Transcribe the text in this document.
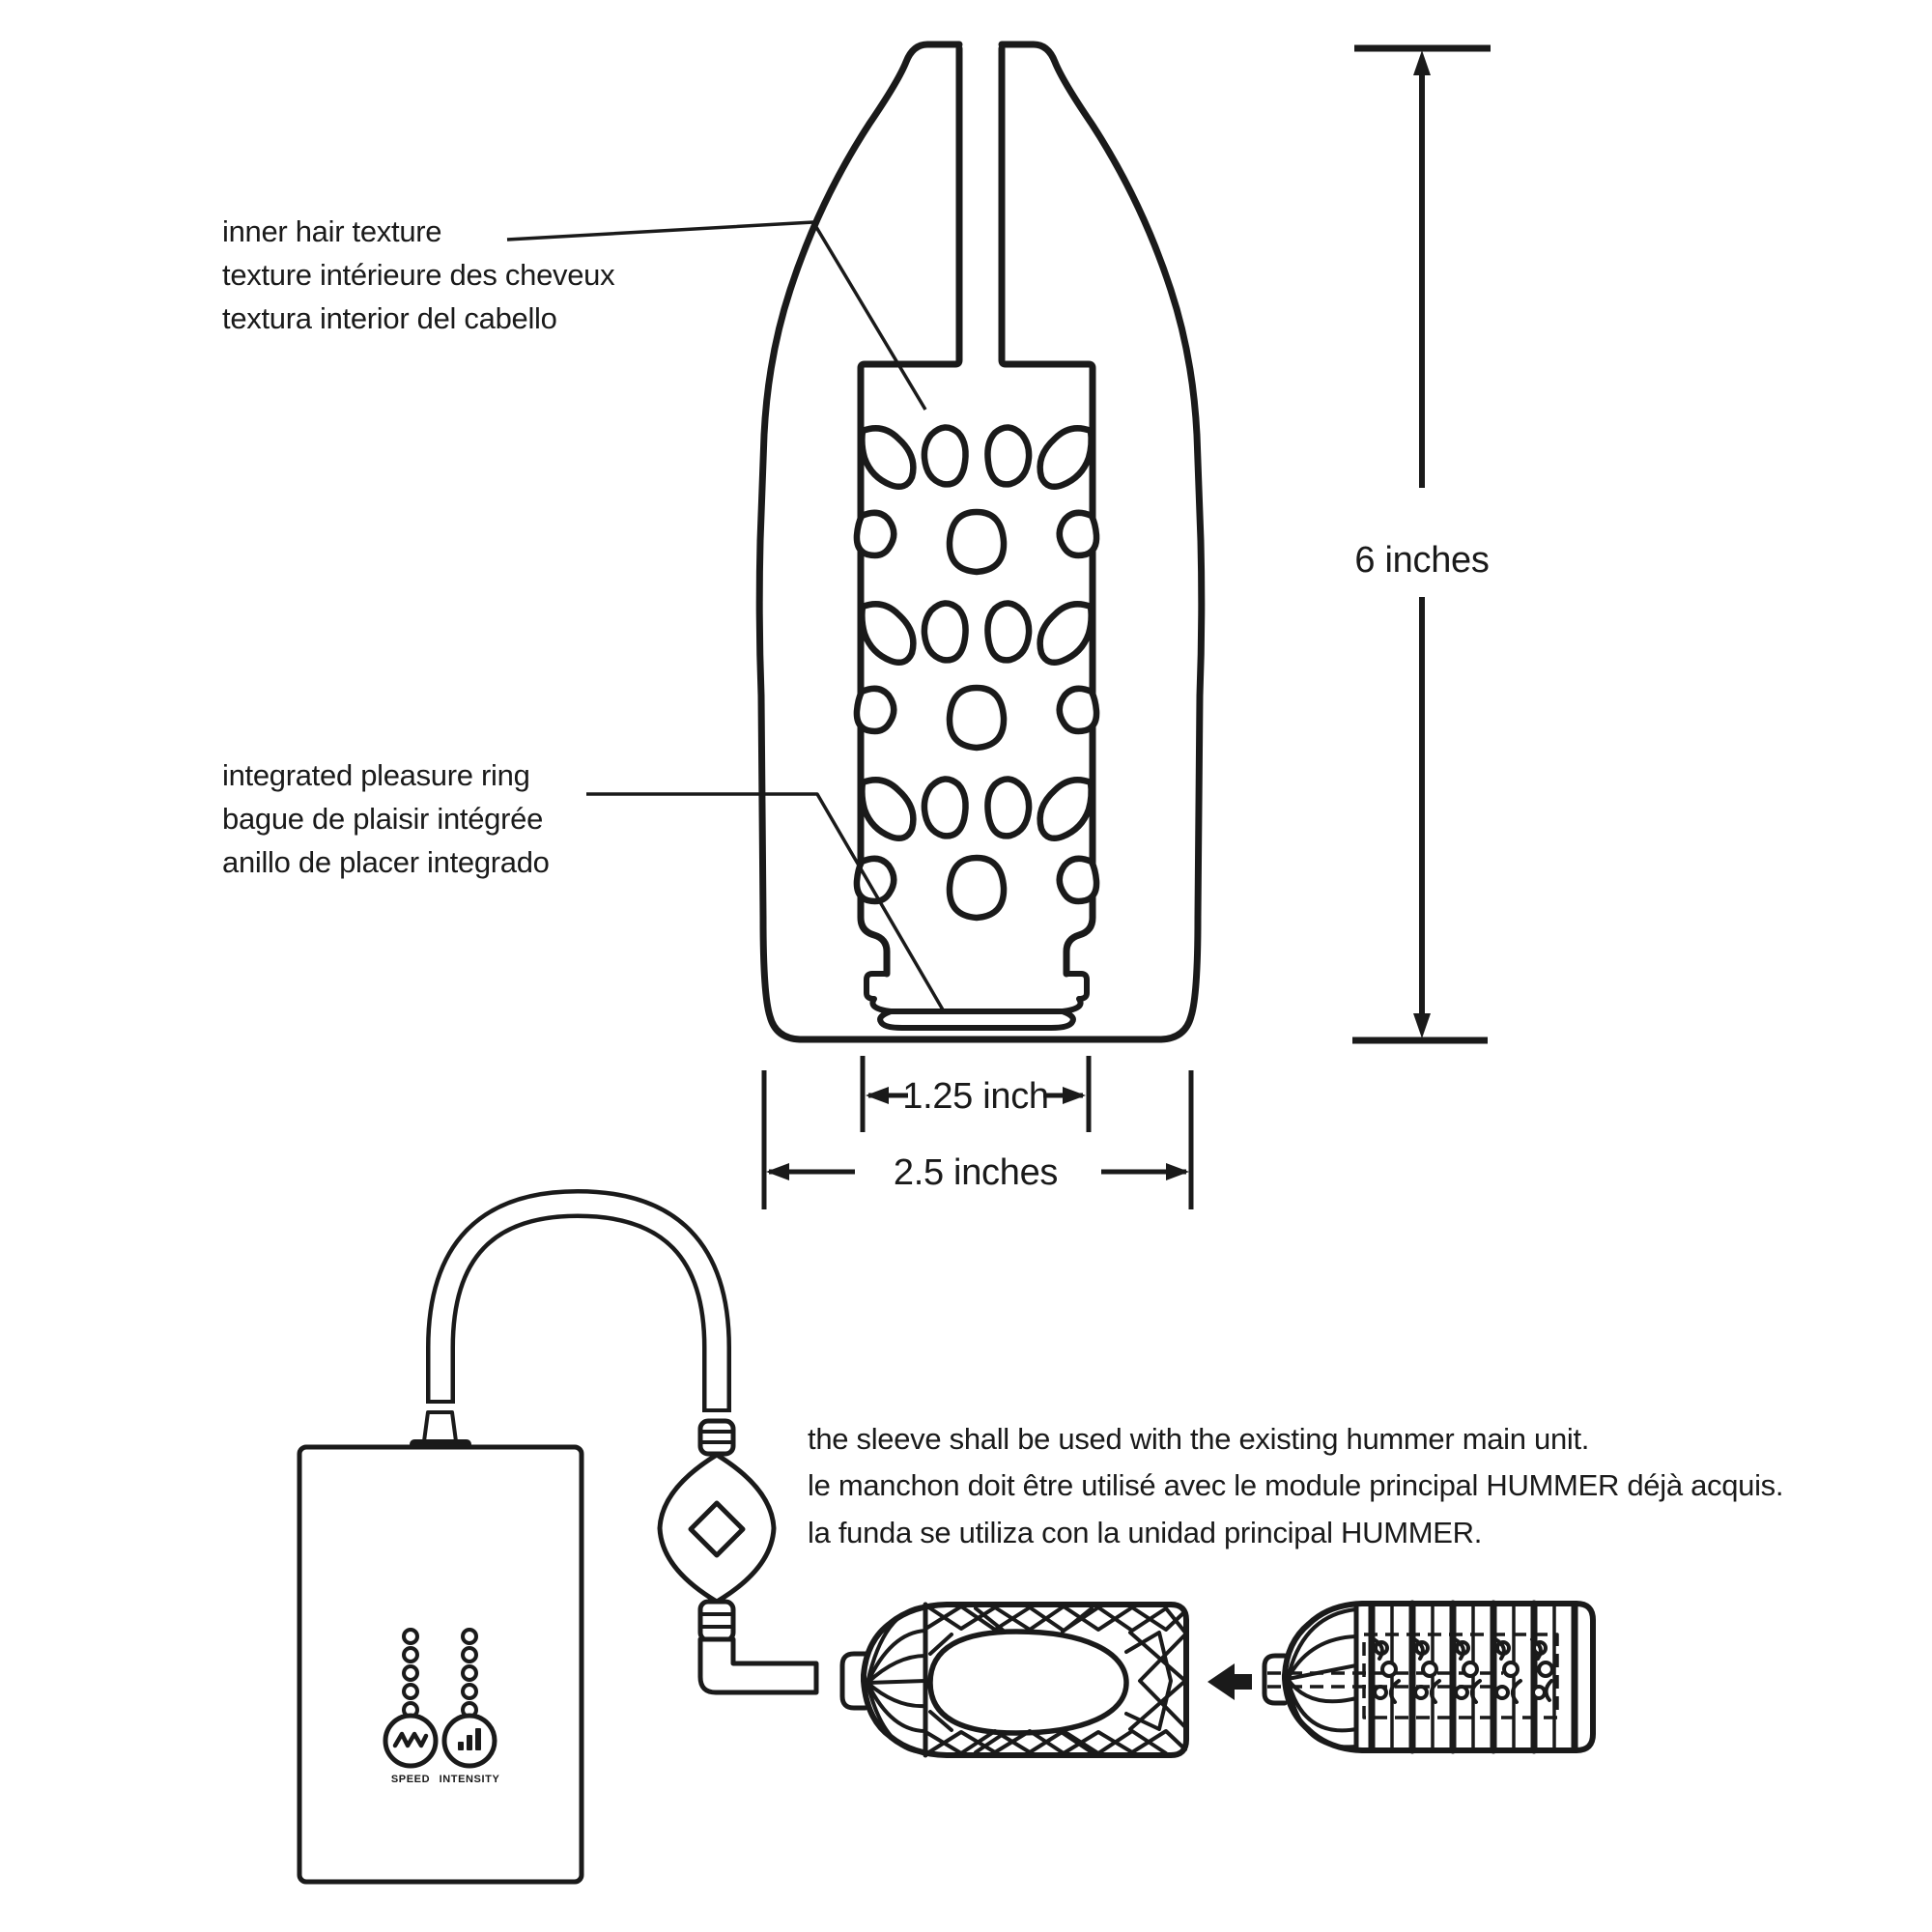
inner hair texture
texture intérieure des cheveux
textura interior del cabello
integrated pleasure ring
bague de plaisir intégrée
anillo de placer integrado
6 inches
1.25 inch
2.5 inches
SPEED INTENSITY
the sleeve shall be used with the existing hummer main unit.
le manchon doit être utilisé avec le module principal HUMMER déjà acquis.
la funda se utiliza con la unidad principal HUMMER.
